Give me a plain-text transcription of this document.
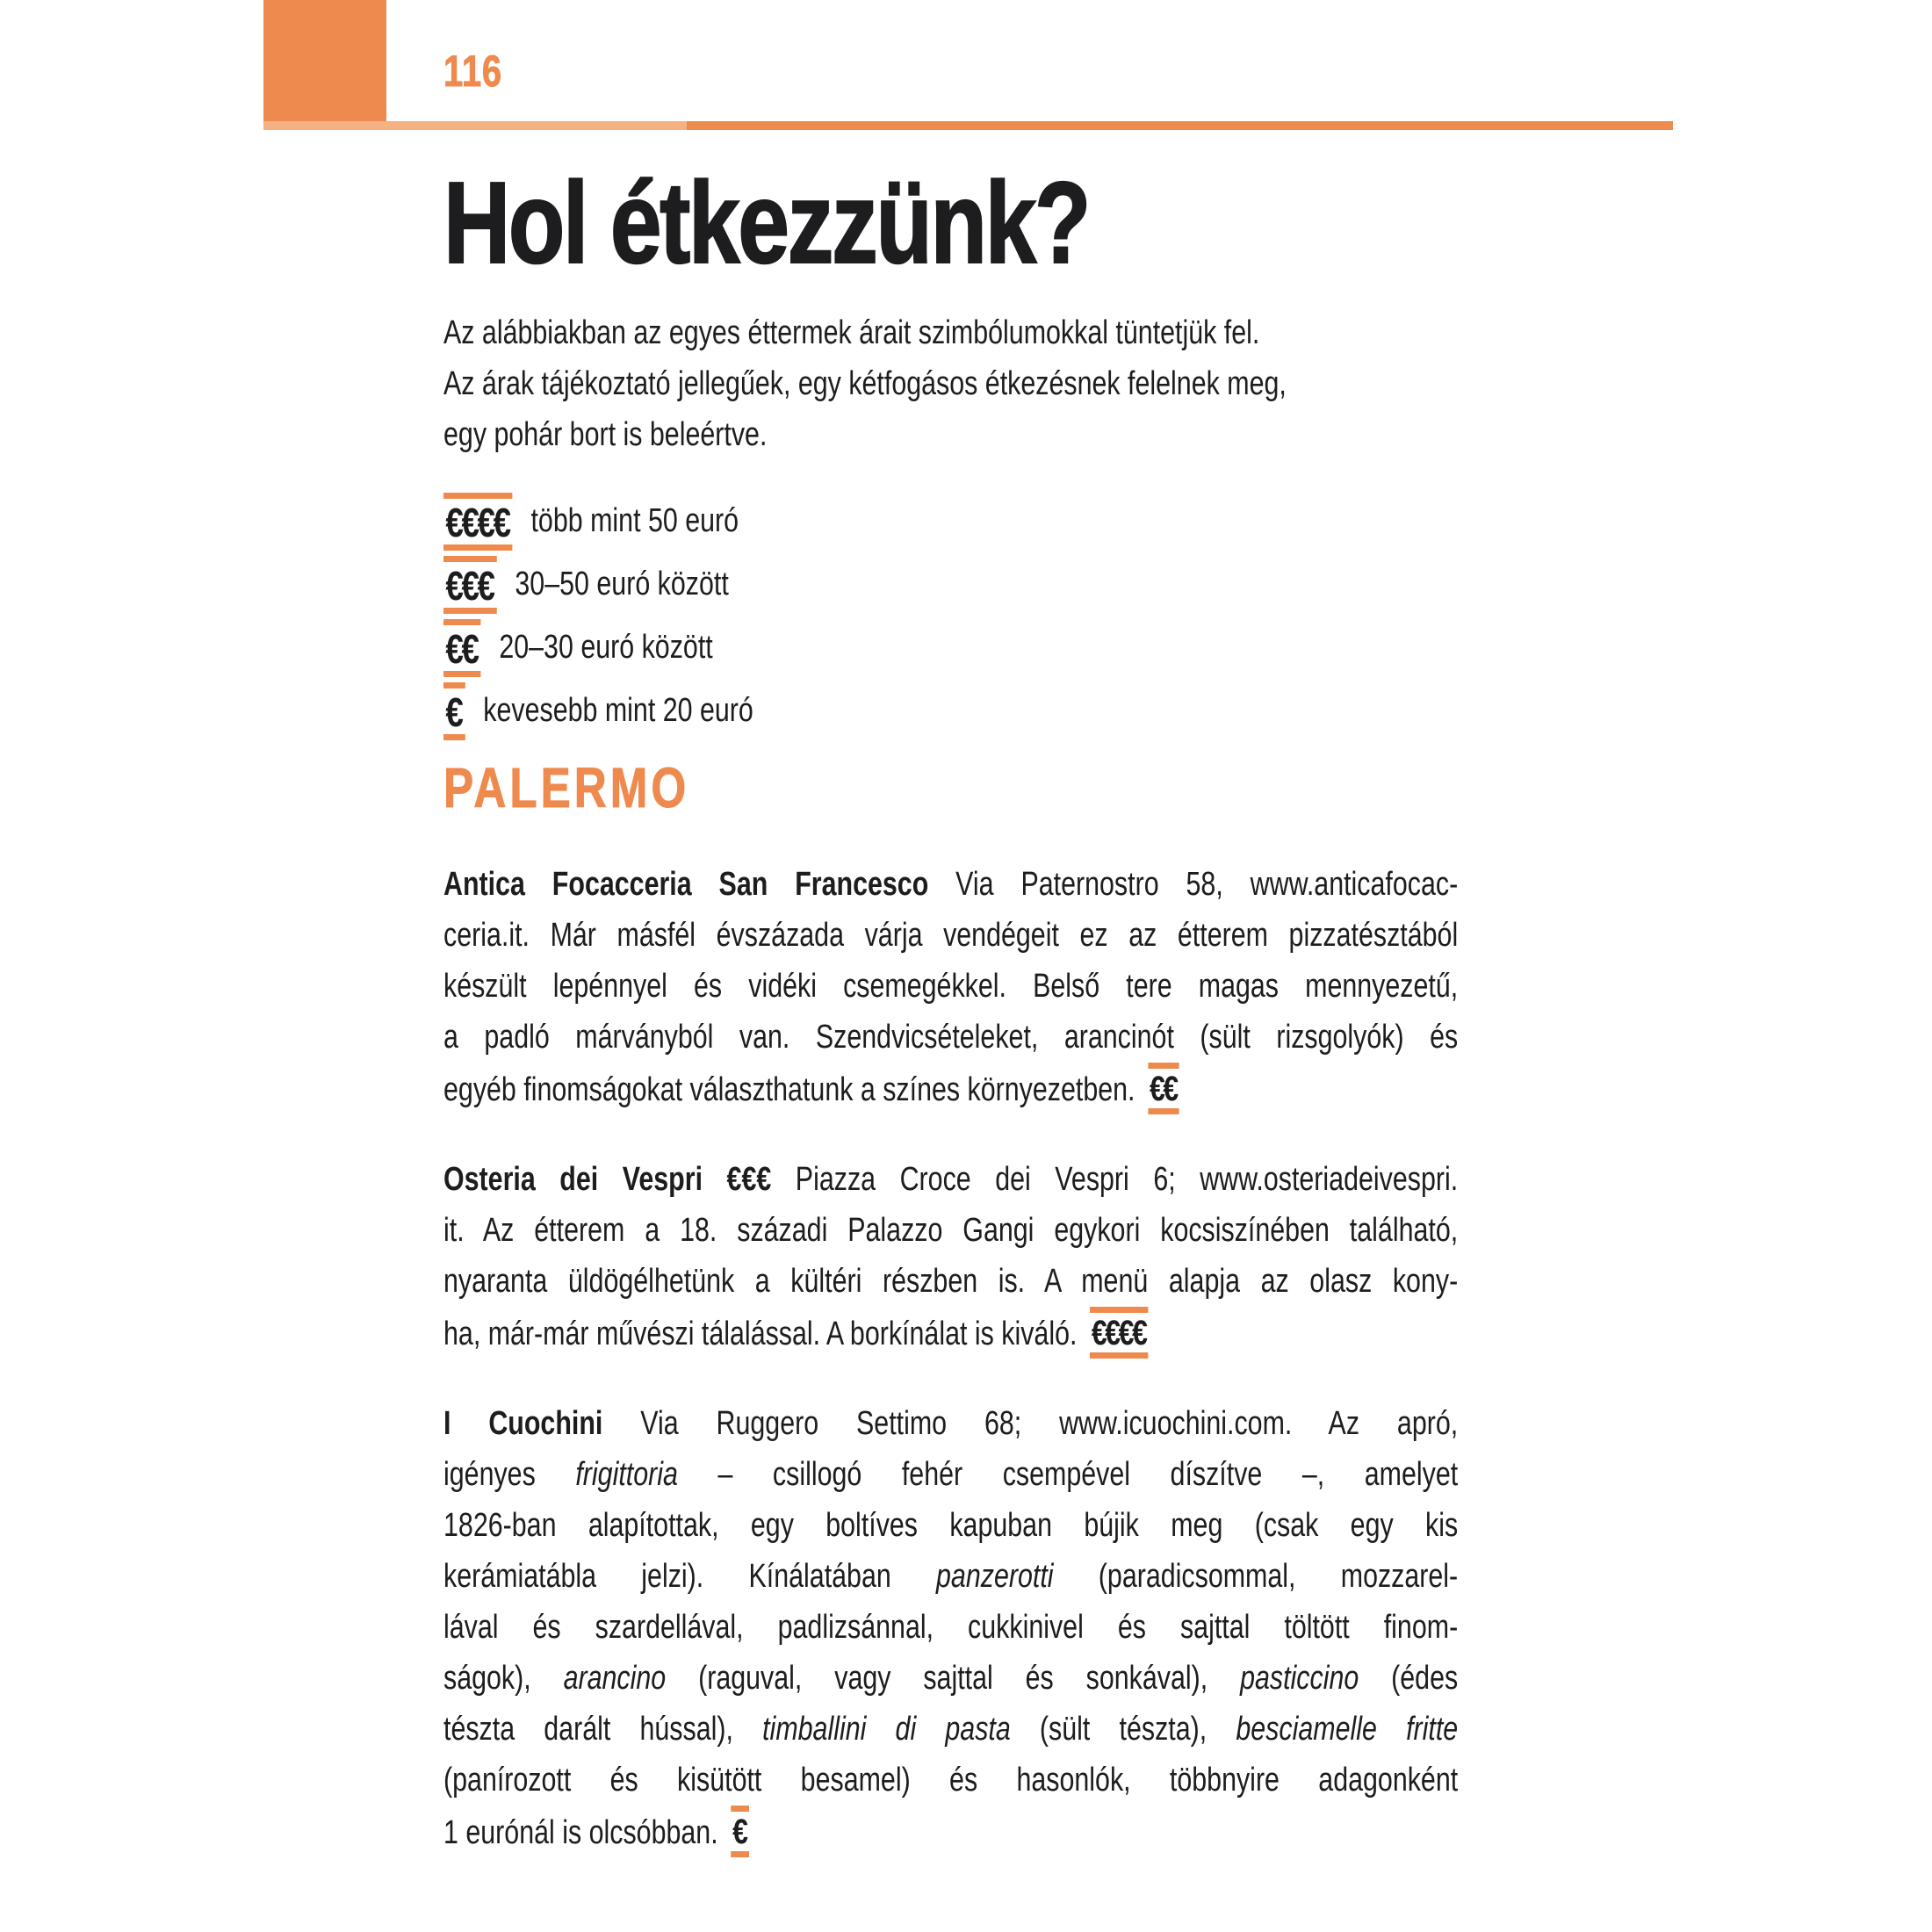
116
Hol étkezzünk?
Az alábbiakban az egyes éttermek árait szimbólumokkal tüntetjük fel.
Az árak tájékoztató jellegűek, egy kétfogásos étkezésnek felelnek meg,
egy pohár bort is beleértve.
€€€€ több mint 50 euró
€€€ 30–50 euró között
€€ 20–30 euró között
€ kevesebb mint 20 euró
PALERMO
Antica Focacceria San Francesco Via Paternostro 58, www.anticafocac-
ceria.it. Már másfél évszázada várja vendégeit ez az étterem pizzatésztából
készült lepénnyel és vidéki csemegékkel. Belső tere magas mennyezetű,
a padló márványból van. Szendvicsételeket, arancinót (sült rizsgolyók) és
egyéb finomságokat választhatunk a színes környezetben. €€
Osteria dei Vespri €€€ Piazza Croce dei Vespri 6; www.osteriadeivespri.
it. Az étterem a 18. századi Palazzo Gangi egykori kocsiszínében található,
nyaranta üldögélhetünk a kültéri részben is. A menü alapja az olasz kony-
ha, már-már művészi tálalással. A borkínálat is kiváló. €€€€
I Cuochini Via Ruggero Settimo 68; www.icuochini.com. Az apró,
igényes frigittoria – csillogó fehér csempével díszítve –, amelyet
1826-ban alapítottak, egy boltíves kapuban bújik meg (csak egy kis
kerámiatábla jelzi). Kínálatában panzerotti (paradicsommal, mozzarel-
lával és szardellával, padlizsánnal, cukkinivel és sajttal töltött finom-
ságok), arancino (raguval, vagy sajttal és sonkával), pasticcino (édes
tészta darált hússal), timballini di pasta (sült tészta), besciamelle fritte
(panírozott és kisütött besamel) és hasonlók, többnyire adagonként
1 eurónál is olcsóbban. €
